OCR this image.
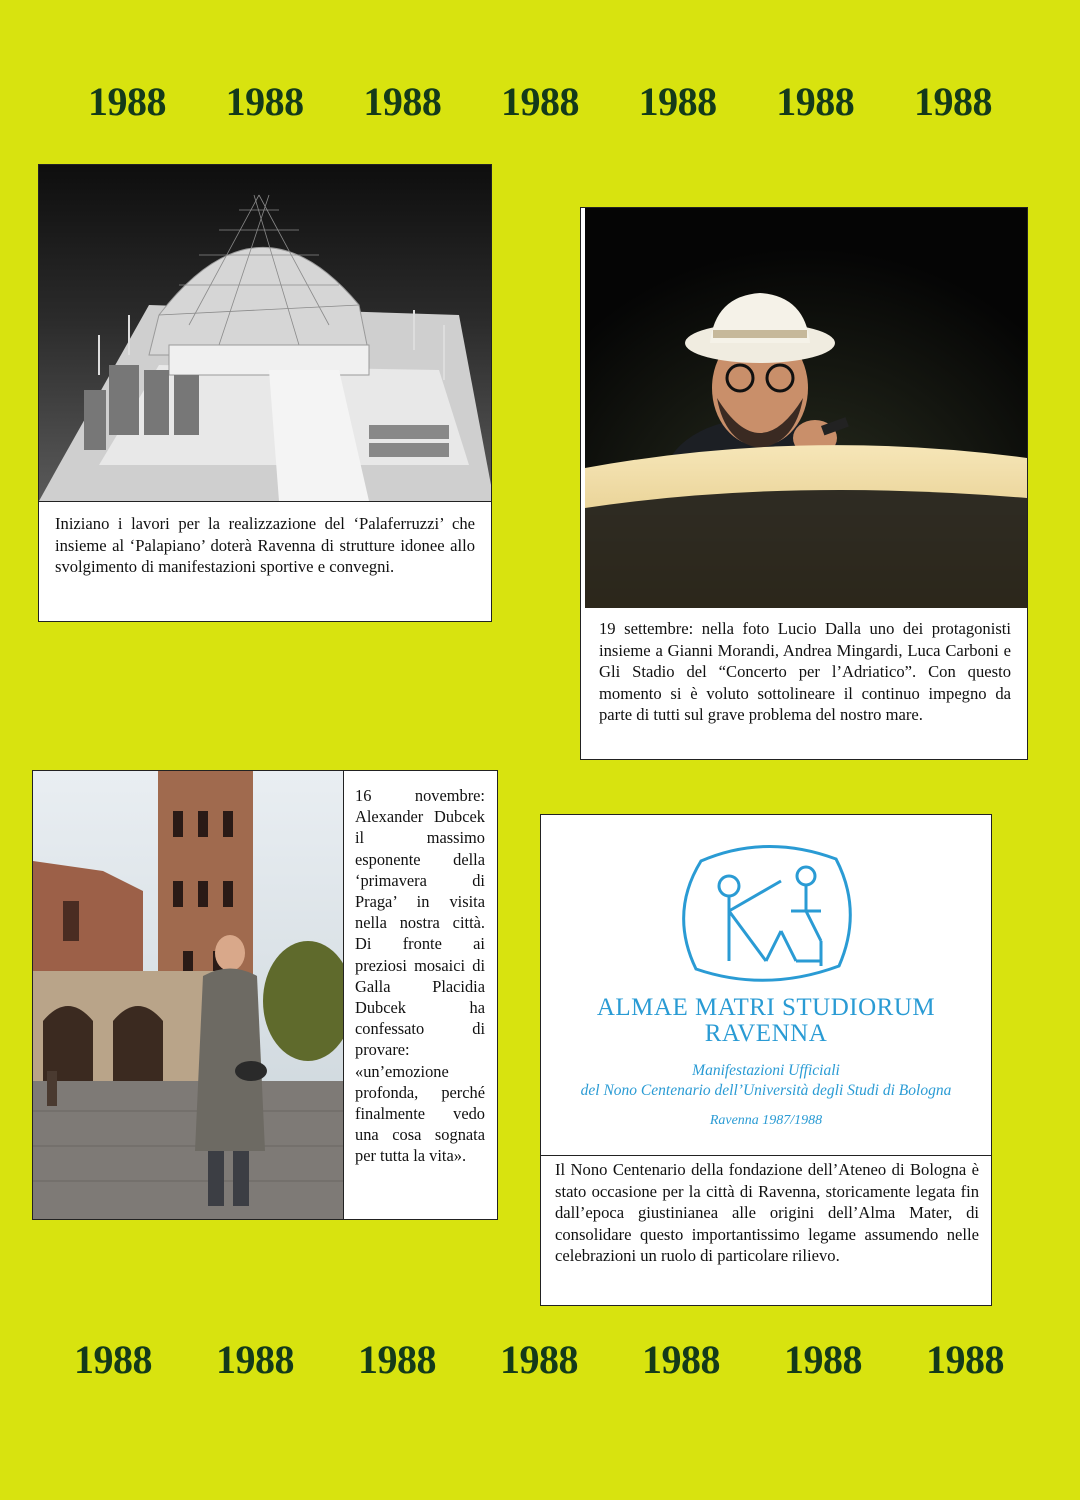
1988 1988 1988 1988 1988 1988 1988
Iniziano i lavori per la realizzazione del ‘Palaferruzzi’ che insieme al ‘Palapiano’ doterà Ravenna di strutture idonee allo svolgimento di manifestazioni sportive e convegni.
19 settembre: nella foto Lucio Dalla uno dei protagonisti insieme a Gianni Morandi, Andrea Mingardi, Luca Carboni e Gli Stadio del “Concerto per l’Adriatico”. Con questo momento si è voluto sottolineare il continuo impegno da parte di tutti sul grave problema del nostro mare.
16 novembre: Alexander Dubcek il massimo esponente della ‘primavera di Praga’ in visita nella nostra città. Di fronte ai preziosi mosaici di Galla Placidia Dubcek ha confessato di provare: «un’emozione profonda, perché finalmente vedo una cosa sognata per tutta la vita».
ALMAE MATRI STUDIORUM
RAVENNA
Manifestazioni Ufficiali
del Nono Centenario dell’Università degli Studi di Bologna
Ravenna 1987/1988
Il Nono Centenario della fondazione dell’Ateneo di Bologna è stato occasione per la città di Ravenna, storicamente legata fin dall’epoca giustinianea alle origini dell’Alma Mater, di consolidare questo importantissimo legame assumendo nelle celebrazioni un ruolo di particolare rilievo.
1988 1988 1988 1988 1988 1988 1988
